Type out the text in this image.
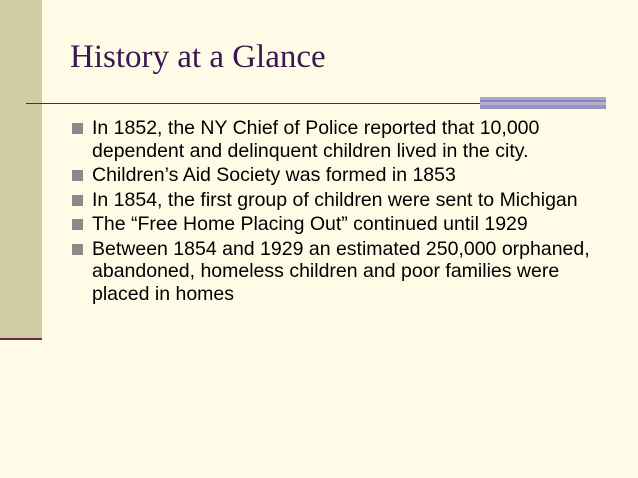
History at a Glance
In 1852, the NY Chief of Police reported that 10,000 dependent and delinquent children lived in the city.
Children’s Aid Society was formed in 1853
In 1854, the first group of children were sent to Michigan
The “Free Home Placing Out” continued until 1929
Between 1854 and 1929 an estimated 250,000 orphaned, abandoned, homeless children and poor families were placed in homes
